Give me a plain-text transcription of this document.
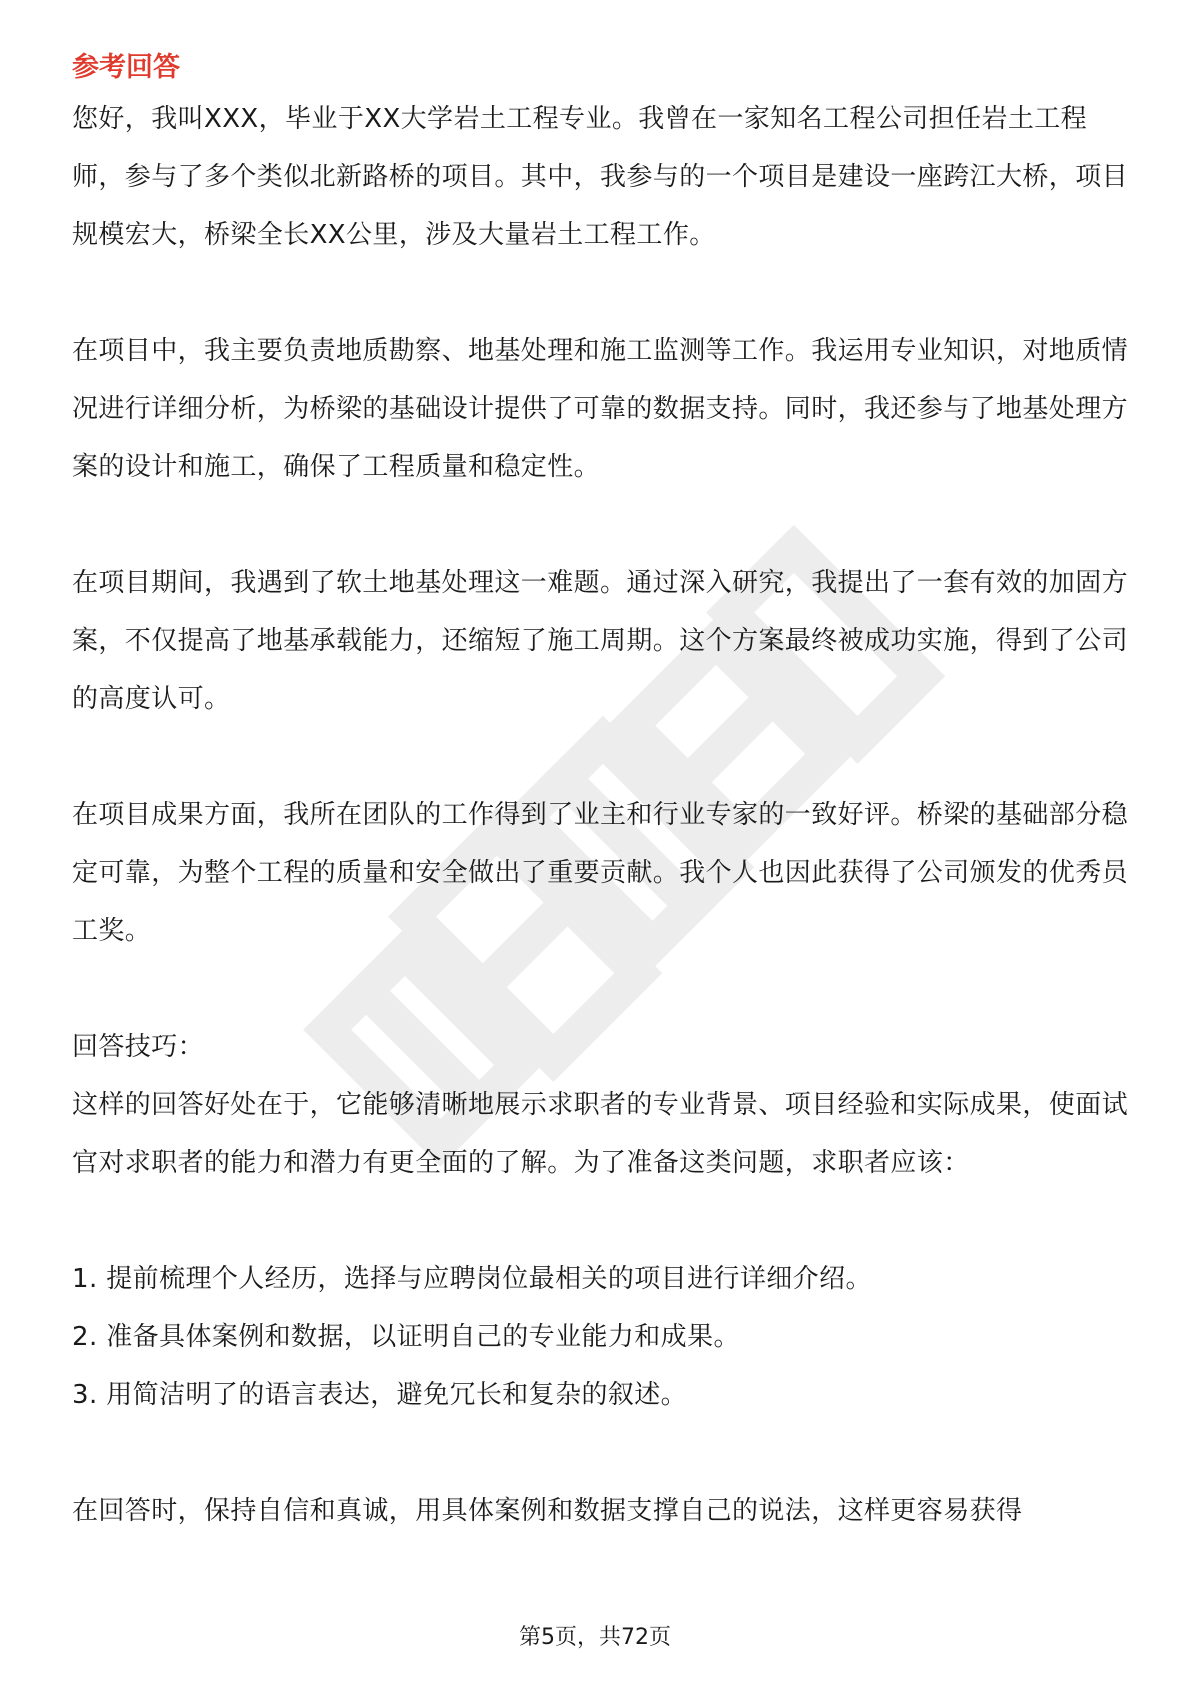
参考回答

您好，我叫XXX，毕业于XX大学岩土工程专业。我曾在一家知名工程公司担任岩土工程师，参与了多个类似北新路桥的项目。其中，我参与的一个项目是建设一座跨江大桥，项目规模宏大，桥梁全长XX公里，涉及大量岩土工程工作。

在项目中，我主要负责地质勘察、地基处理和施工监测等工作。我运用专业知识，对地质情况进行详细分析，为桥梁的基础设计提供了可靠的数据支持。同时，我还参与了地基处理方案的设计和施工，确保了工程质量和稳定性。

在项目期间，我遇到了软土地基处理这一难题。通过深入研究，我提出了一套有效的加固方案，不仅提高了地基承载能力，还缩短了施工周期。这个方案最终被成功实施，得到了公司的高度认可。

在项目成果方面，我所在团队的工作得到了业主和行业专家的一致好评。桥梁的基础部分稳定可靠，为整个工程的质量和安全做出了重要贡献。我个人也因此获得了公司颁发的优秀员工奖。

回答技巧：

这样的回答好处在于，它能够清晰地展示求职者的专业背景、项目经验和实际成果，使面试官对求职者的能力和潜力有更全面的了解。为了准备这类问题，求职者应该：

1. 提前梳理个人经历，选择与应聘岗位最相关的项目进行详细介绍。
2. 准备具体案例和数据，以证明自己的专业能力和成果。
3. 用简洁明了的语言表达，避免冗长和复杂的叙述。

在回答时，保持自信和真诚，用具体案例和数据支撑自己的说法，这样更容易获得

第5页，共72页
